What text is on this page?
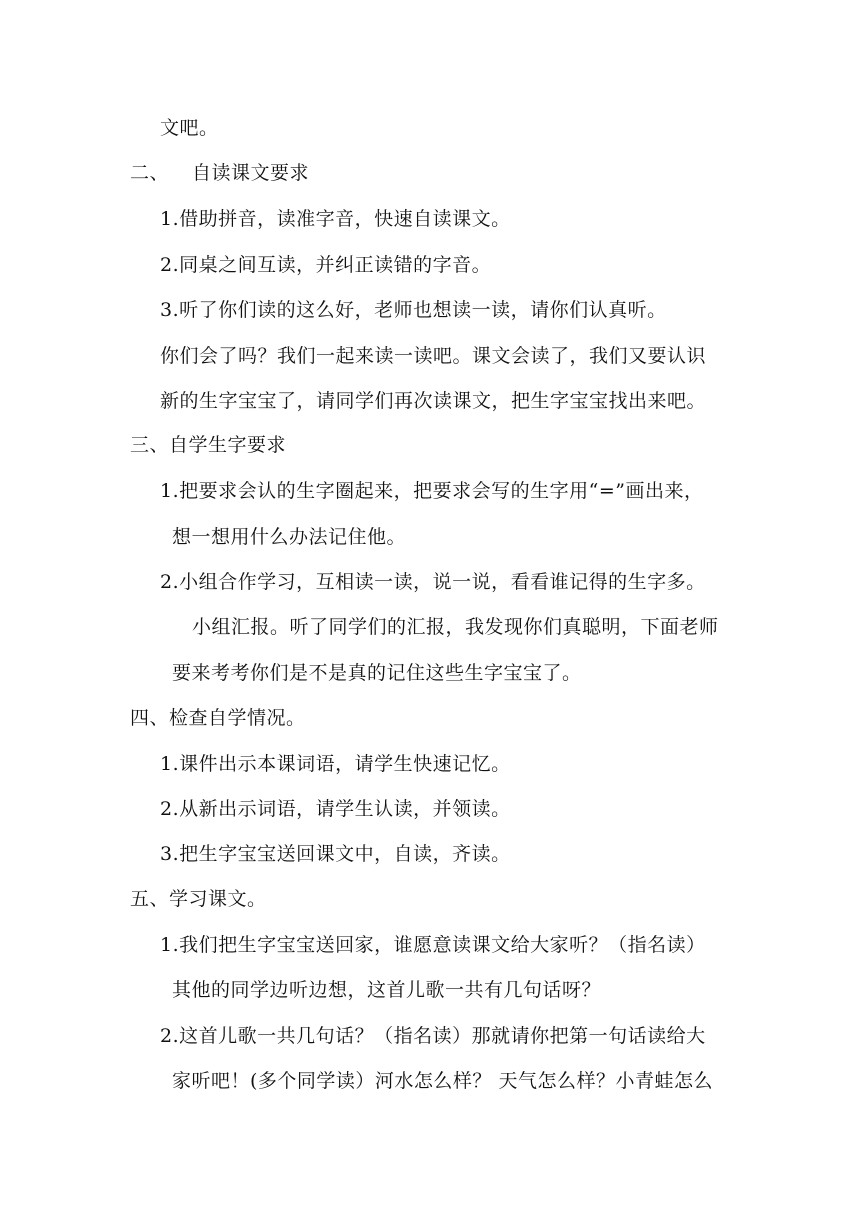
文吧。
二、 自读课文要求
1.借助拼音，读准字音，快速自读课文。
2.同桌之间互读，并纠正读错的字音。
3.听了你们读的这么好，老师也想读一读，请你们认真听。
你们会了吗？我们一起来读一读吧。课文会读了，我们又要认识
新的生字宝宝了，请同学们再次读课文，把生字宝宝找出来吧。
三、自学生字要求
1.把要求会认的生字圈起来，把要求会写的生字用“=”画出来，
想一想用什么办法记住他。
2.小组合作学习，互相读一读，说一说，看看谁记得的生字多。
小组汇报。听了同学们的汇报，我发现你们真聪明，下面老师
要来考考你们是不是真的记住这些生字宝宝了。
四、检查自学情况。
1.课件出示本课词语，请学生快速记忆。
2.从新出示词语，请学生认读，并领读。
3.把生字宝宝送回课文中，自读，齐读。
五、学习课文。
1.我们把生字宝宝送回家，谁愿意读课文给大家听？（指名读）
其他的同学边听边想，这首儿歌一共有几句话呀？
2.这首儿歌一共几句话？（指名读）那就请你把第一句话读给大
家听吧！(多个同学读）河水怎么样？ 天气怎么样？小青蛙怎么
